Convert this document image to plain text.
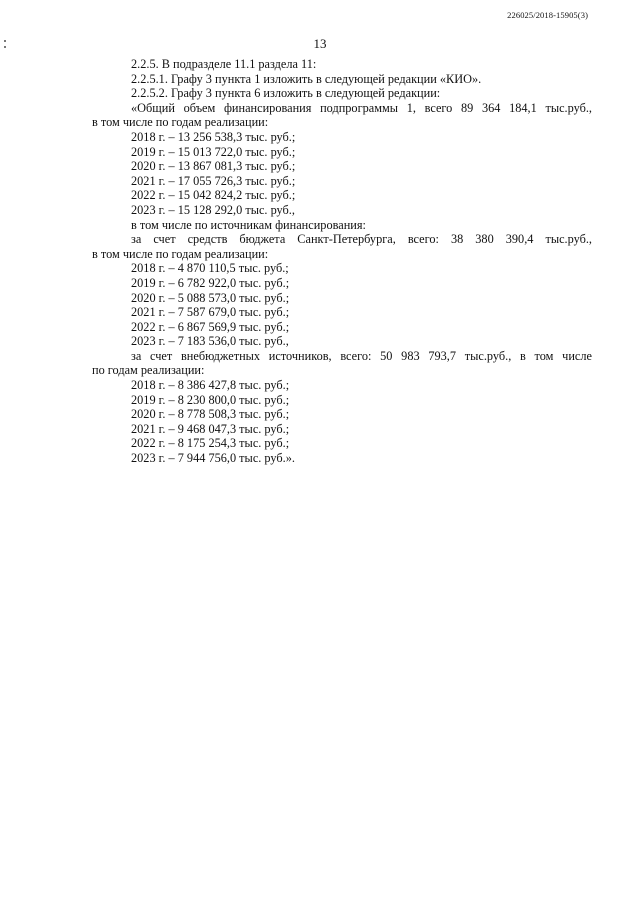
226025/2018-15905(3)
13
2.2.5. В подразделе 11.1 раздела 11:
2.2.5.1. Графу 3 пункта 1 изложить в следующей редакции «КИО».
2.2.5.2. Графу 3 пункта 6 изложить в следующей редакции:
«Общий объем финансирования подпрограммы 1, всего 89 364 184,1 тыс.руб.,
в том числе по годам реализации:
2018 г. – 13 256 538,3 тыс. руб.;
2019 г. – 15 013 722,0 тыс. руб.;
2020 г. – 13 867 081,3 тыс. руб.;
2021 г. – 17 055 726,3 тыс. руб.;
2022 г. – 15 042 824,2 тыс. руб.;
2023 г. – 15 128 292,0 тыс. руб.,
в том числе по источникам финансирования:
за счет средств бюджета Санкт-Петербурга, всего: 38 380 390,4 тыс.руб.,
в том числе по годам реализации:
2018 г. – 4 870 110,5 тыс. руб.;
2019 г. – 6 782 922,0 тыс. руб.;
2020 г. – 5 088 573,0 тыс. руб.;
2021 г. – 7 587 679,0 тыс. руб.;
2022 г. – 6 867 569,9 тыс. руб.;
2023 г. – 7 183 536,0 тыс. руб.,
за счет внебюджетных источников, всего: 50 983 793,7 тыс.руб., в том числе
по годам реализации:
2018 г. – 8 386 427,8 тыс. руб.;
2019 г. – 8 230 800,0 тыс. руб.;
2020 г. – 8 778 508,3 тыс. руб.;
2021 г. – 9 468 047,3 тыс. руб.;
2022 г. – 8 175 254,3 тыс. руб.;
2023 г. – 7 944 756,0 тыс. руб.».
